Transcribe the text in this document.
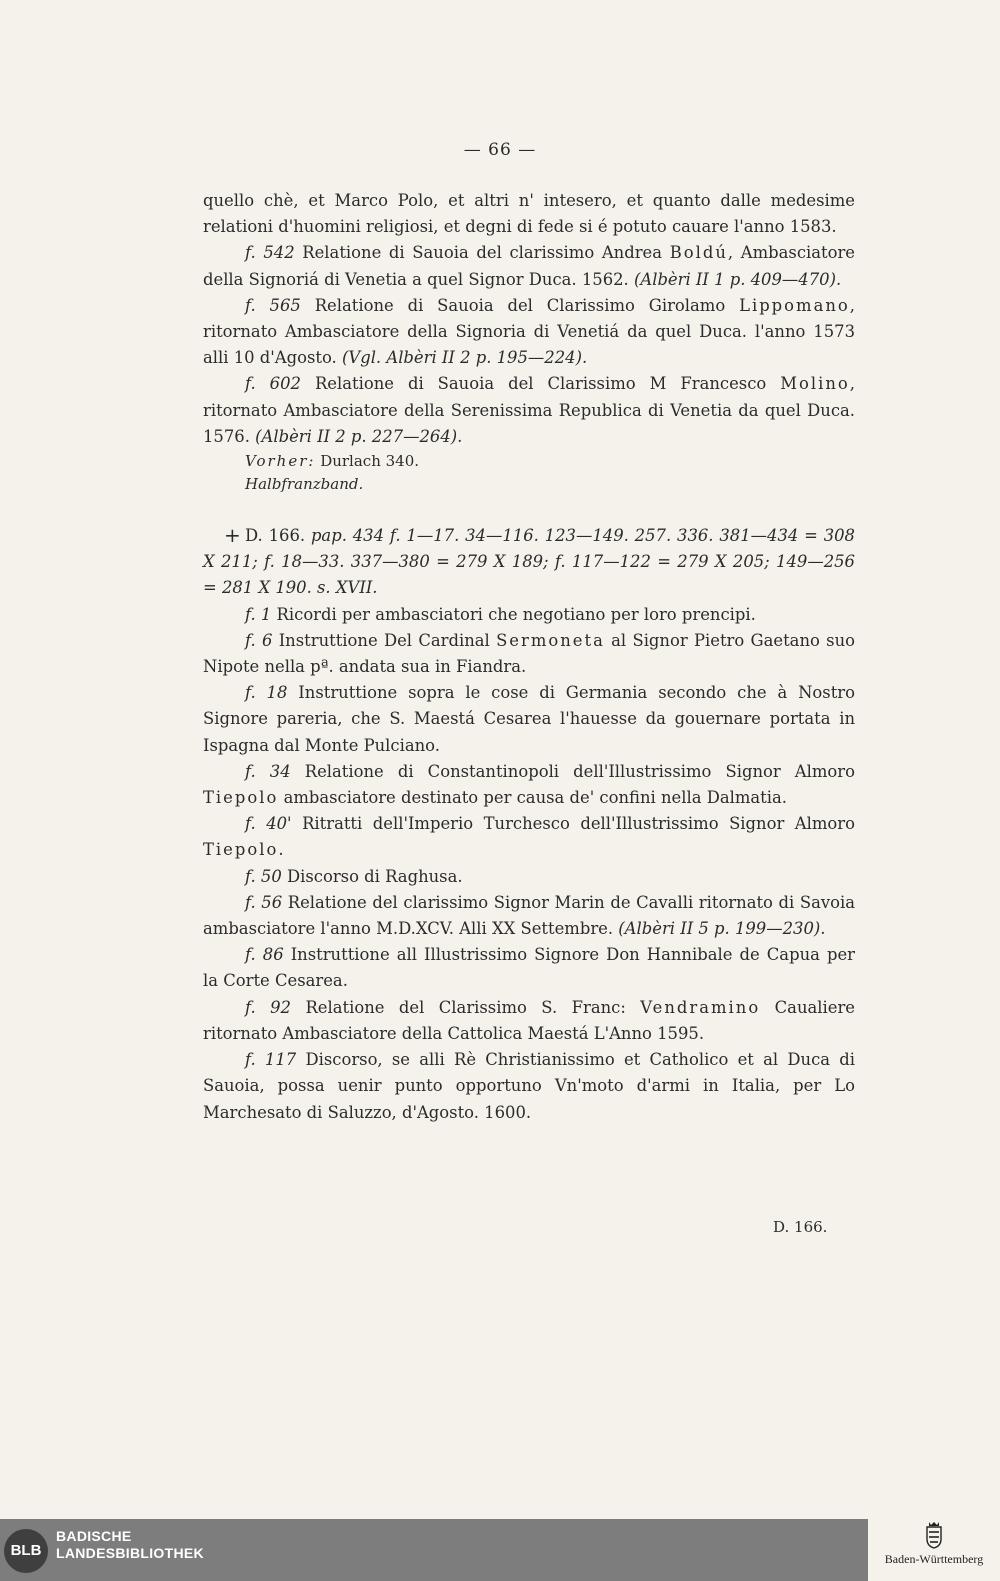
— 66 —

quello chè, et Marco Polo, et altri n' intesero, et quanto dalle medesime relationi d'huomini religiosi, et degni di fede si é potuto cauare l'anno 1583.

f. 542 Relatione di Sauoia del clarissimo Andrea Boldú, Ambasciatore della Signoriá di Venetia a quel Signor Duca. 1562. (Albèri II 1 p. 409—470).

f. 565 Relatione di Sauoia del Clarissimo Girolamo Lippomano, ritornato Ambasciatore della Signoria di Venetiá da quel Duca. l'anno 1573 alli 10 d'Agosto. (Vgl. Albèri II 2 p. 195—224).

f. 602 Relatione di Sauoia del Clarissimo M Francesco Molino, ritornato Ambasciatore della Serenissima Republica di Venetia da quel Duca. 1576. (Albèri II 2 p. 227—264).

Vorher: Durlach 340.

Halbfranzband.

+ D. 166. pap. 434 f. 1—17. 34—116. 123—149. 257. 336. 381—434 = 308 X 211; f. 18—33. 337—380 = 279 X 189; f. 117—122 = 279 X 205; 149—256 = 281 X 190. s. XVII.

f. 1 Ricordi per ambasciatori che negotiano per loro prencipi.

f. 6 Instruttione Del Cardinal Sermoneta al Signor Pietro Gaetano suo Nipote nella pª. andata sua in Fiandra.

f. 18 Instruttione sopra le cose di Germania secondo che à Nostro Signore pareria, che S. Maestá Cesarea l'hauesse da gouernare portata in Ispagna dal Monte Pulciano.

f. 34 Relatione di Constantinopoli dell'Illustrissimo Signor Almoro Tiepolo ambasciatore destinato per causa de' confini nella Dalmatia.

f. 40' Ritratti dell'Imperio Turchesco dell'Illustrissimo Signor Almoro Tiepolo.

f. 50 Discorso di Raghusa.

f. 56 Relatione del clarissimo Signor Marin de Cavalli ritornato di Savoia ambasciatore l'anno M.D.XCV. Alli XX Settembre. (Albèri II 5 p. 199—230).

f. 86 Instruttione all Illustrissimo Signore Don Hannibale de Capua per la Corte Cesarea.

f. 92 Relatione del Clarissimo S. Franc: Vendramino Caualiere ritornato Ambasciatore della Cattolica Maestá L'Anno 1595.

f. 117 Discorso, se alli Rè Christianissimo et Catholico et al Duca di Sauoia, possa uenir punto opportuno Vn'moto d'armi in Italia, per Lo Marchesato di Saluzzo, d'Agosto. 1600.

D. 166.
BLB
BADISCHE
LANDESBIBLIOTHEK	Baden-Württemberg
